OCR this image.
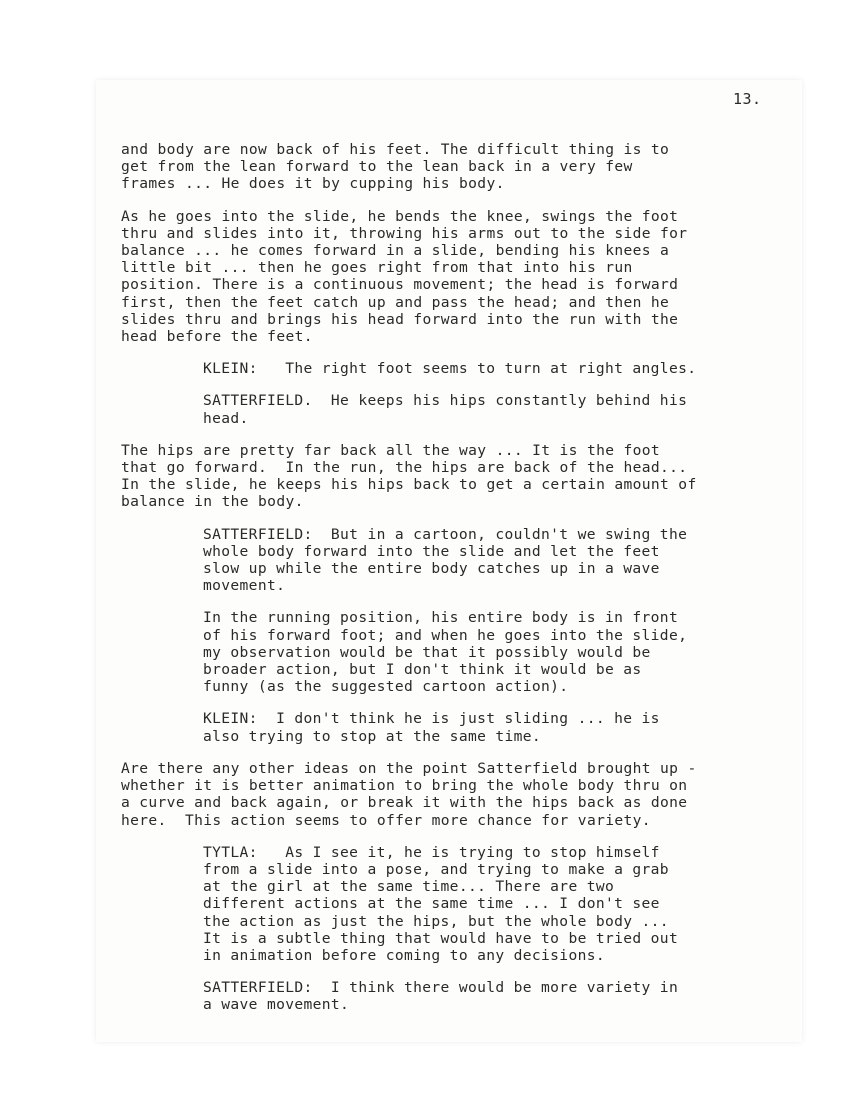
13.
and body are now back of his feet. The difficult thing is to
get from the lean forward to the lean back in a very few
frames ... He does it by cupping his body.
As he goes into the slide, he bends the knee, swings the foot
thru and slides into it, throwing his arms out to the side for
balance ... he comes forward in a slide, bending his knees a
little bit ... then he goes right from that into his run
position. There is a continuous movement; the head is forward
first, then the feet catch up and pass the head; and then he
slides thru and brings his head forward into the run with the
head before the feet.
KLEIN:   The right foot seems to turn at right angles.
SATTERFIELD.  He keeps his hips constantly behind his
head.
The hips are pretty far back all the way ... It is the foot
that go forward.  In the run, the hips are back of the head...
In the slide, he keeps his hips back to get a certain amount of
balance in the body.
SATTERFIELD:  But in a cartoon, couldn't we swing the
whole body forward into the slide and let the feet
slow up while the entire body catches up in a wave
movement.
In the running position, his entire body is in front
of his forward foot; and when he goes into the slide,
my observation would be that it possibly would be
broader action, but I don't think it would be as
funny (as the suggested cartoon action).
KLEIN:  I don't think he is just sliding ... he is
also trying to stop at the same time.
Are there any other ideas on the point Satterfield brought up -
whether it is better animation to bring the whole body thru on
a curve and back again, or break it with the hips back as done
here.  This action seems to offer more chance for variety.
TYTLA:   As I see it, he is trying to stop himself
from a slide into a pose, and trying to make a grab
at the girl at the same time... There are two
different actions at the same time ... I don't see
the action as just the hips, but the whole body ...
It is a subtle thing that would have to be tried out
in animation before coming to any decisions.
SATTERFIELD:  I think there would be more variety in
a wave movement.
